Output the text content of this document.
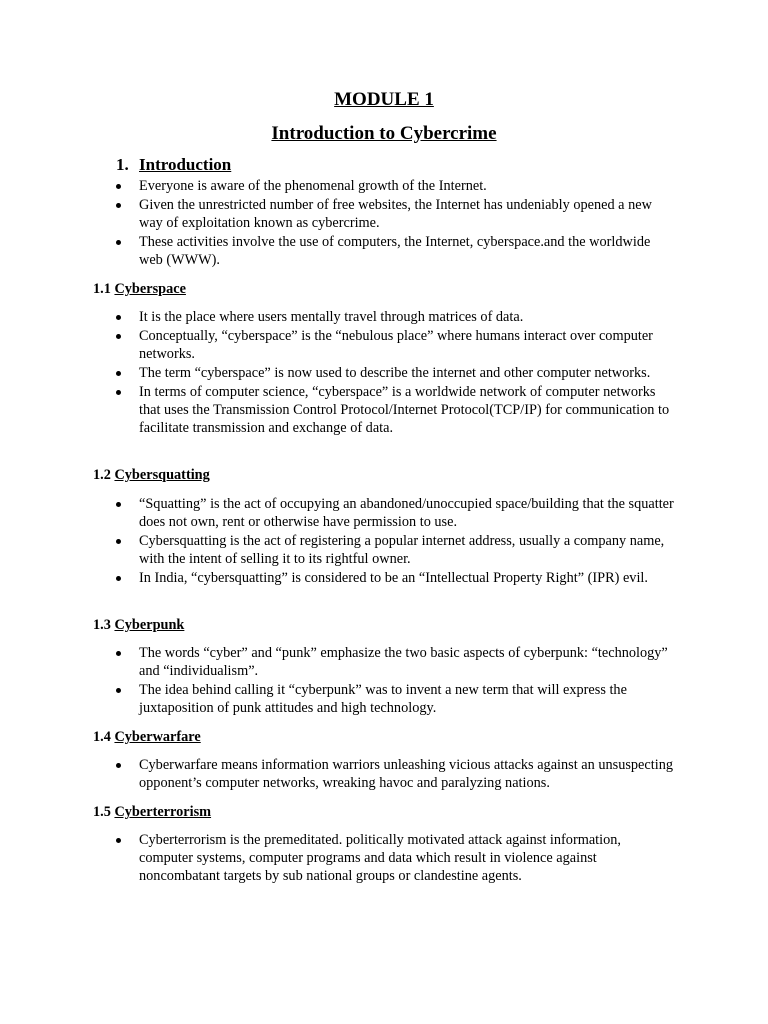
MODULE 1
Introduction to Cybercrime
1. Introduction
Everyone is aware of the phenomenal growth of the Internet.
Given the unrestricted number of free websites, the Internet has undeniably opened a new way of exploitation known as cybercrime.
These activities involve the use of computers, the Internet, cyberspace.and the worldwide web (WWW).
1.1 Cyberspace
It is the place where users mentally travel through matrices of data.
Conceptually, “cyberspace” is the “nebulous place” where humans interact over computer networks.
The term “cyberspace” is now used to describe the internet and other computer networks.
In terms of computer science, “cyberspace” is a worldwide network of computer networks that uses the Transmission Control Protocol/Internet Protocol(TCP/IP) for communication to facilitate transmission and exchange of data.
1.2 Cybersquatting
“Squatting” is the act of occupying an abandoned/unoccupied space/building that the squatter does not own, rent or otherwise have permission to use.
Cybersquatting is the act of registering a popular internet address, usually a company name, with the intent of selling it to its rightful owner.
In India, “cybersquatting” is considered to be an “Intellectual Property Right” (IPR) evil.
1.3 Cyberpunk
The words “cyber” and “punk” emphasize the two basic aspects of cyberpunk: “technology” and “individualism”.
The idea behind calling it “cyberpunk” was to invent a new term that will express the juxtaposition of punk attitudes and high technology.
1.4 Cyberwarfare
Cyberwarfare means information warriors unleashing vicious attacks against an unsuspecting opponent’s computer networks, wreaking havoc and paralyzing nations.
1.5 Cyberterrorism
Cyberterrorism is the premeditated. politically motivated attack against information, computer systems, computer programs and data which result in violence against noncombatant targets by sub national groups or clandestine agents.
